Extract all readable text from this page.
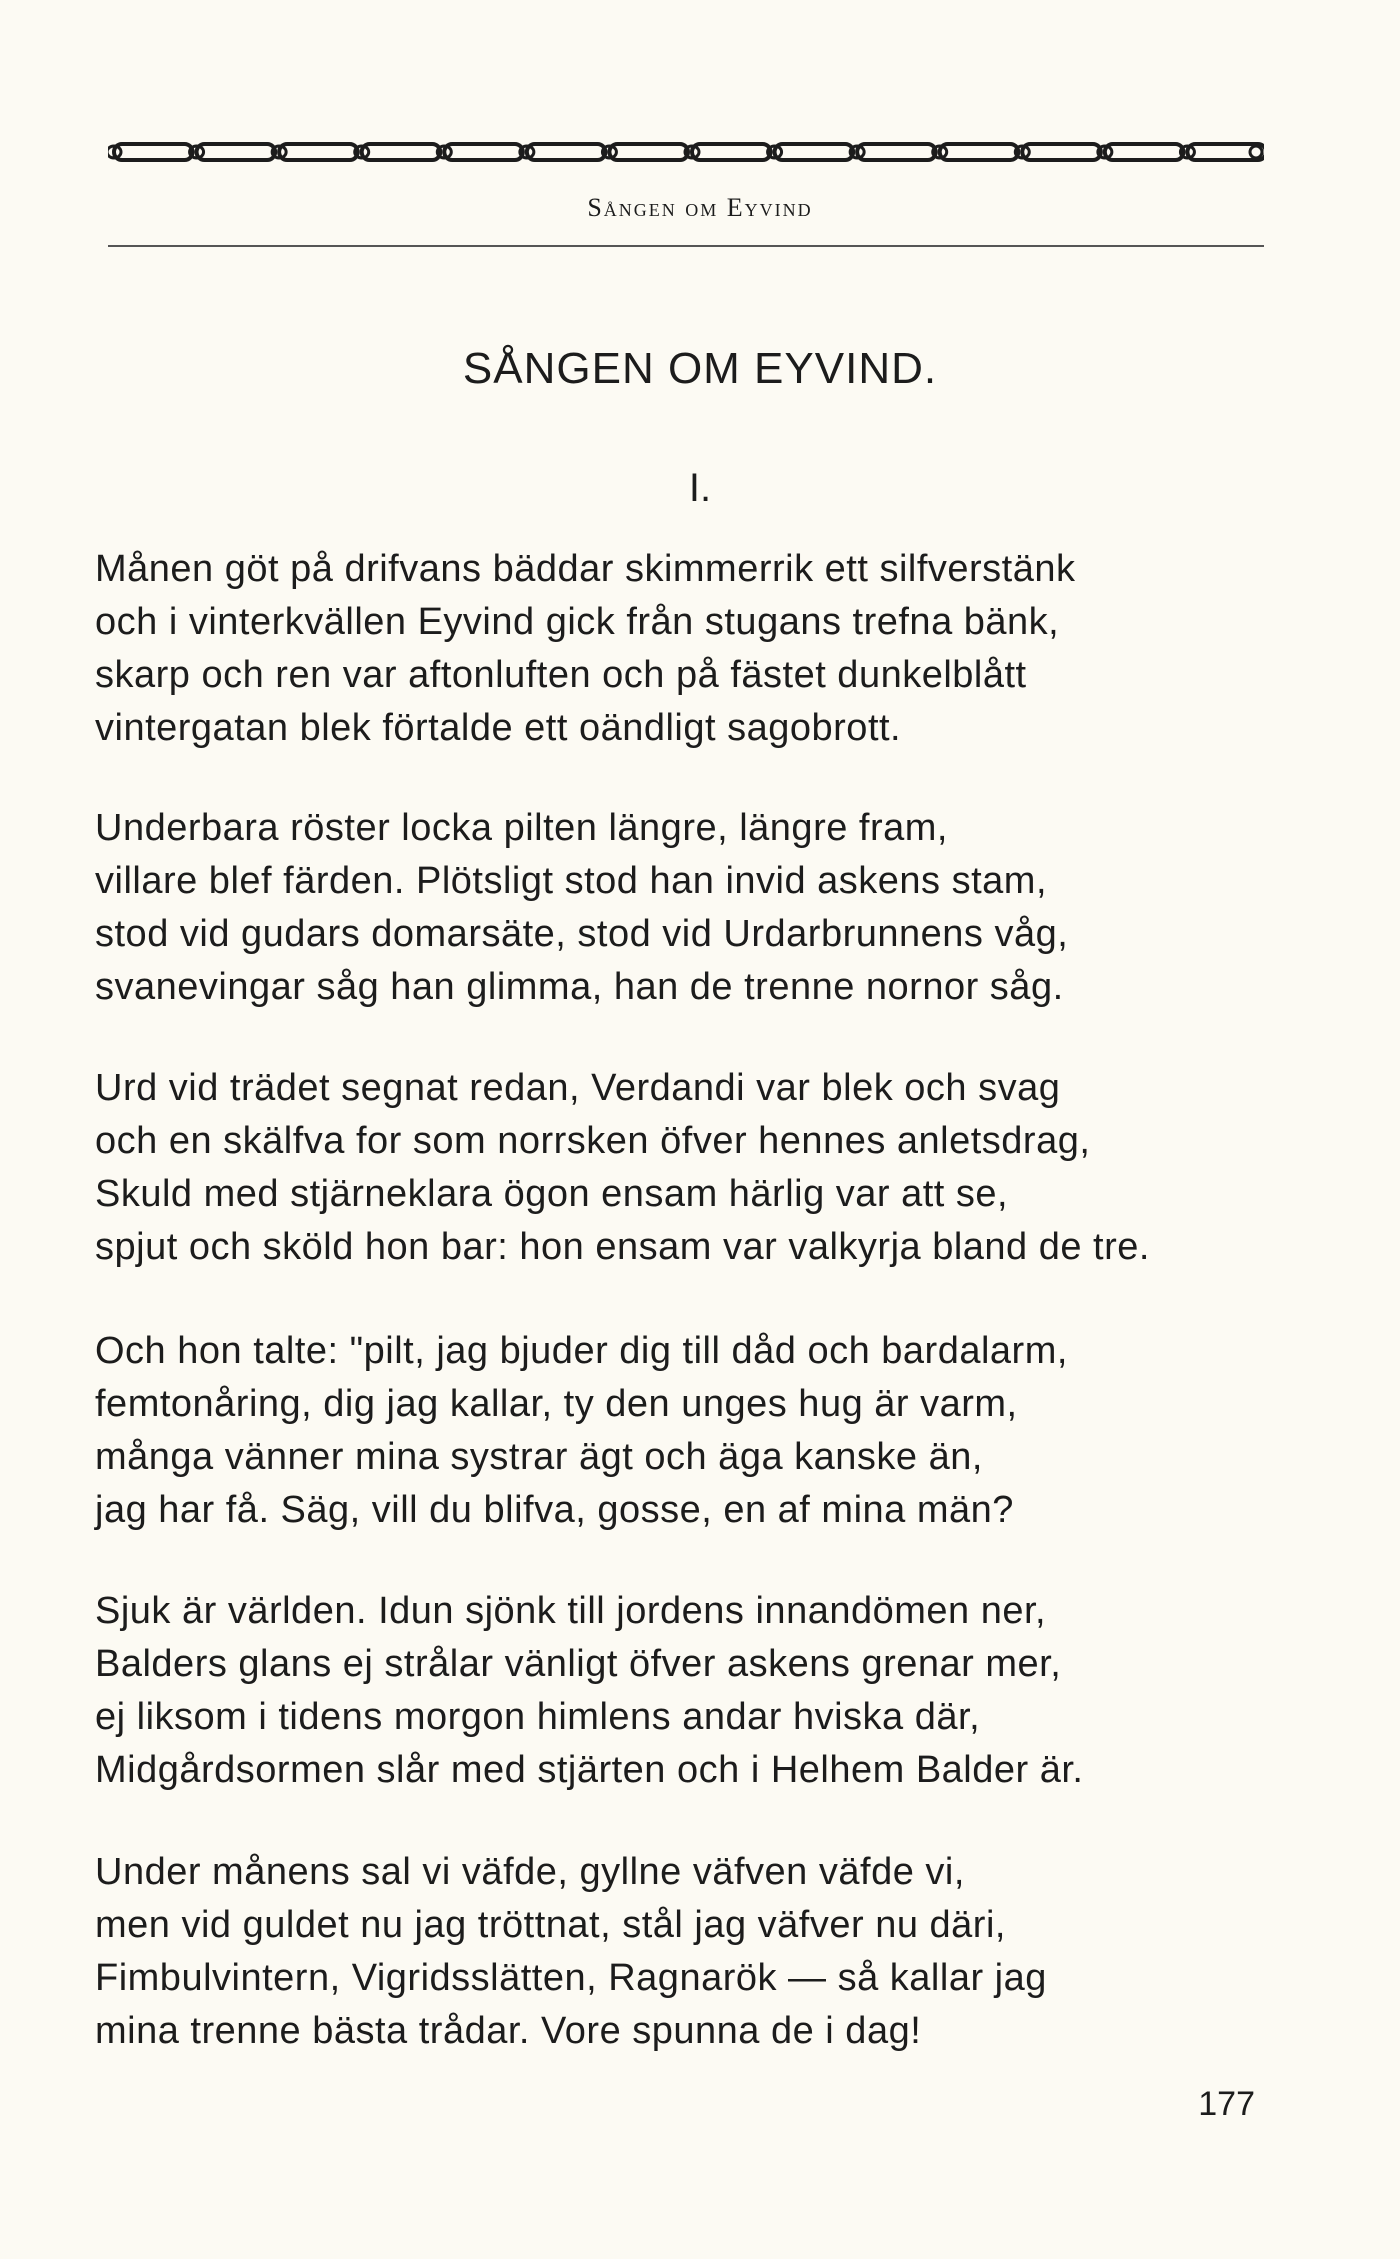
Sången om Eyvind
SÅNGEN OM EYVIND.
I.
Månen göt på drifvans bäddar skimmerrik ett silfverstänk
och i vinterkvällen Eyvind gick från stugans trefna bänk,
skarp och ren var aftonluften och på fästet dunkelblått
vintergatan blek förtalde ett oändligt sagobrott.
Underbara röster locka pilten längre, längre fram,
villare blef färden. Plötsligt stod han invid askens stam,
stod vid gudars domarsäte, stod vid Urdarbrunnens våg,
svanevingar såg han glimma, han de trenne nornor såg.
Urd vid trädet segnat redan, Verdandi var blek och svag
och en skälfva for som norrsken öfver hennes anletsdrag,
Skuld med stjärneklara ögon ensam härlig var att se,
spjut och sköld hon bar: hon ensam var valkyrja bland de tre.
Och hon talte: "pilt, jag bjuder dig till dåd och bardalarm,
femtonåring, dig jag kallar, ty den unges hug är varm,
många vänner mina systrar ägt och äga kanske än,
jag har få. Säg, vill du blifva, gosse, en af mina män?
Sjuk är världen. Idun sjönk till jordens innandömen ner,
Balders glans ej strålar vänligt öfver askens grenar mer,
ej liksom i tidens morgon himlens andar hviska där,
Midgårdsormen slår med stjärten och i Helhem Balder är.
Under månens sal vi väfde, gyllne väfven väfde vi,
men vid guldet nu jag tröttnat, stål jag väfver nu däri,
Fimbulvintern, Vigridsslätten, Ragnarök — så kallar jag
mina trenne bästa trådar. Vore spunna de i dag!
177
